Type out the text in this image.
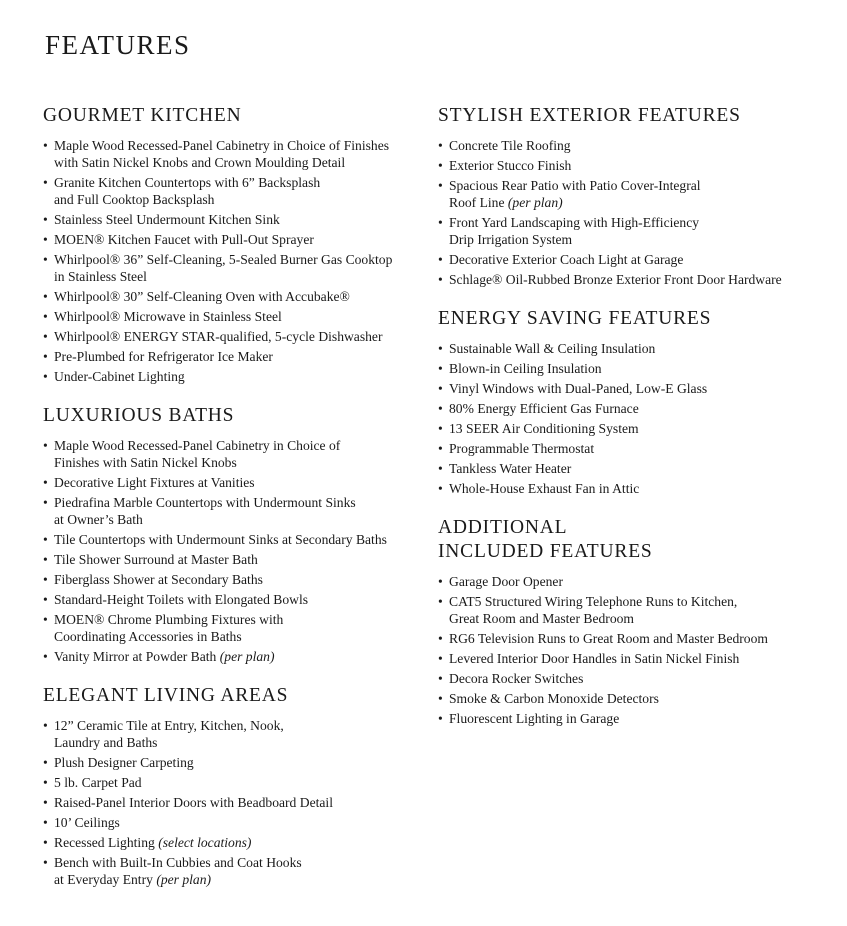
FEATURES
GOURMET KITCHEN
• Maple Wood Recessed-Panel Cabinetry in Choice of Finishes
with Satin Nickel Knobs and Crown Moulding Detail
• Granite Kitchen Countertops with 6” Backsplash
and Full Cooktop Backsplash
• Stainless Steel Undermount Kitchen Sink
• MOEN® Kitchen Faucet with Pull-Out Sprayer
• Whirlpool® 36” Self-Cleaning, 5-Sealed Burner Gas Cooktop
in Stainless Steel
• Whirlpool® 30” Self-Cleaning Oven with Accubake®
• Whirlpool® Microwave in Stainless Steel
• Whirlpool® ENERGY STAR-qualified, 5-cycle Dishwasher
• Pre-Plumbed for Refrigerator Ice Maker
• Under-Cabinet Lighting
LUXURIOUS BATHS
• Maple Wood Recessed-Panel Cabinetry in Choice of
Finishes with Satin Nickel Knobs
• Decorative Light Fixtures at Vanities
• Piedrafina Marble Countertops with Undermount Sinks
at Owner’s Bath
• Tile Countertops with Undermount Sinks at Secondary Baths
• Tile Shower Surround at Master Bath
• Fiberglass Shower at Secondary Baths
• Standard-Height Toilets with Elongated Bowls
• MOEN® Chrome Plumbing Fixtures with
Coordinating Accessories in Baths
• Vanity Mirror at Powder Bath (per plan)
ELEGANT LIVING AREAS
• 12” Ceramic Tile at Entry, Kitchen, Nook,
Laundry and Baths
• Plush Designer Carpeting
• 5 lb. Carpet Pad
• Raised-Panel Interior Doors with Beadboard Detail
• 10’ Ceilings
• Recessed Lighting (select locations)
• Bench with Built-In Cubbies and Coat Hooks
at Everyday Entry (per plan)
STYLISH EXTERIOR FEATURES
• Concrete Tile Roofing
• Exterior Stucco Finish
• Spacious Rear Patio with Patio Cover-Integral
Roof Line (per plan)
• Front Yard Landscaping with High-Efficiency
Drip Irrigation System
• Decorative Exterior Coach Light at Garage
• Schlage® Oil-Rubbed Bronze Exterior Front Door Hardware
ENERGY SAVING FEATURES
• Sustainable Wall & Ceiling Insulation
• Blown-in Ceiling Insulation
• Vinyl Windows with Dual-Paned, Low-E Glass
• 80% Energy Efficient Gas Furnace
• 13 SEER Air Conditioning System
• Programmable Thermostat
• Tankless Water Heater
• Whole-House Exhaust Fan in Attic
ADDITIONAL
INCLUDED FEATURES
• Garage Door Opener
• CAT5 Structured Wiring Telephone Runs to Kitchen,
Great Room and Master Bedroom
• RG6 Television Runs to Great Room and Master Bedroom
• Levered Interior Door Handles in Satin Nickel Finish
• Decora Rocker Switches
• Smoke & Carbon Monoxide Detectors
• Fluorescent Lighting in Garage
